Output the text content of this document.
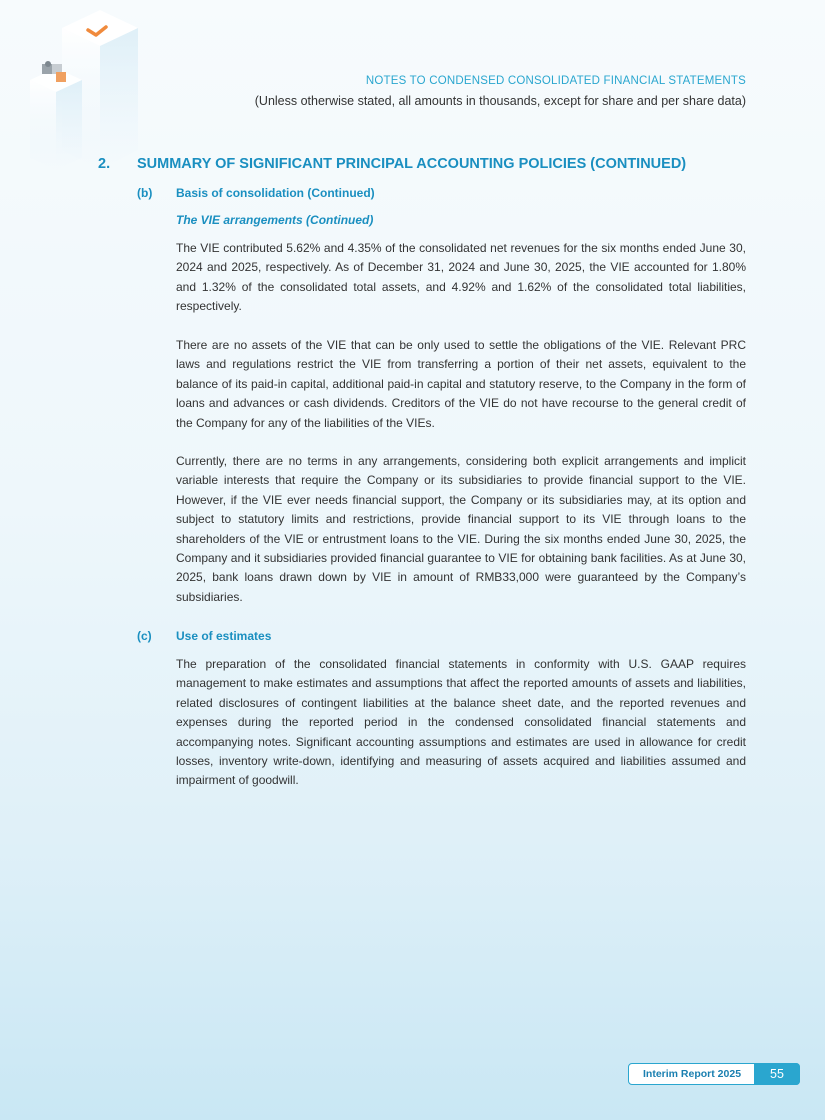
NOTES TO CONDENSED CONSOLIDATED FINANCIAL STATEMENTS
(Unless otherwise stated, all amounts in thousands, except for share and per share data)
2. SUMMARY OF SIGNIFICANT PRINCIPAL ACCOUNTING POLICIES (CONTINUED)
(b) Basis of consolidation (Continued)
The VIE arrangements (Continued)

The VIE contributed 5.62% and 4.35% of the consolidated net revenues for the six months ended June 30, 2024 and 2025, respectively. As of December 31, 2024 and June 30, 2025, the VIE accounted for 1.80% and 1.32% of the consolidated total assets, and 4.92% and 1.62% of the consolidated total liabilities, respectively.

There are no assets of the VIE that can be only used to settle the obligations of the VIE. Relevant PRC laws and regulations restrict the VIE from transferring a portion of their net assets, equivalent to the balance of its paid-in capital, additional paid-in capital and statutory reserve, to the Company in the form of loans and advances or cash dividends. Creditors of the VIE do not have recourse to the general credit of the Company for any of the liabilities of the VIEs.

Currently, there are no terms in any arrangements, considering both explicit arrangements and implicit variable interests that require the Company or its subsidiaries to provide financial support to the VIE. However, if the VIE ever needs financial support, the Company or its subsidiaries may, at its option and subject to statutory limits and restrictions, provide financial support to its VIE through loans to the shareholders of the VIE or entrustment loans to the VIE. During the six months ended June 30, 2025, the Company and it subsidiaries provided financial guarantee to VIE for obtaining bank facilities. As at June 30, 2025, bank loans drawn down by VIE in amount of RMB33,000 were guaranteed by the Company’s subsidiaries.

(c) Use of estimates

The preparation of the consolidated financial statements in conformity with U.S. GAAP requires management to make estimates and assumptions that affect the reported amounts of assets and liabilities, related disclosures of contingent liabilities at the balance sheet date, and the reported revenues and expenses during the reported period in the condensed consolidated financial statements and accompanying notes. Significant accounting assumptions and estimates are used in allowance for credit losses, inventory write-down, identifying and measuring of assets acquired and liabilities assumed and impairment of goodwill.

Interim Report 2025	55
